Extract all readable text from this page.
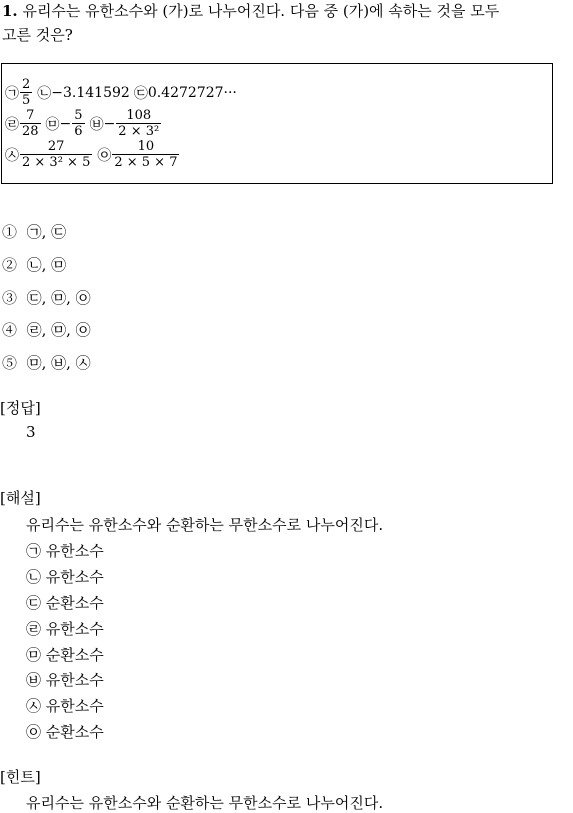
1. 유리수는 유한소수와 (가)로 나누어진다. 다음 중 (가)에 속하는 것을 모두
고른 것은?
㉠ $\frac{2}{5}$ ㉡ −3.141592 ㉢ 0.4272727···
㉣ $\frac{7}{28}$ ㉤ − $\frac{5}{6}$ ㉥ − $\frac{108}{\text{2 × 3²}}$
㉦ $\frac{27}{\text{2 × 3² × 5}}$ ㉧ $\frac{10}{2 \times 5 \times 7}$
① ㉠, ㉢
② ㉡, ㉤
③ ㉢, ㉤, ㉧
④ ㉣, ㉤, ㉧
⑤ ㉤, ㉥, ㉦
[정답]
3
[해설]
유리수는 유한소수와 순환하는 무한소수로 나누어진다.
㉠ 유한소수
㉡ 유한소수
㉢ 순환소수
㉣ 유한소수
㉤ 순환소수
㉥ 유한소수
㉦ 유한소수
㉧ 순환소수
[힌트]
유리수는 유한소수와 순환하는 무한소수로 나누어진다.
